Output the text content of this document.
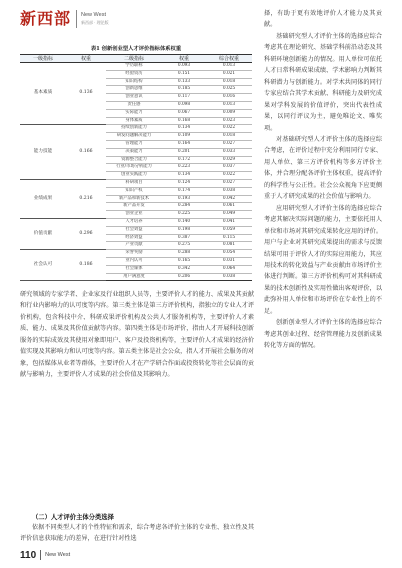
新西部 New West
新西部 · 理论版
表1 创新创业型人才评价指标体系权重
一级指标	权重	二级指标	权重	综合权重
基本素质	0.136	学历职称	0.093	0.013
		经验资历	0.151	0.021
		知识结构	0.133	0.018
		创新思维	0.185	0.025
		创业意识	0.117	0.016
		责任感	0.098	0.013
		实际能力	0.067	0.009
		身体素质	0.168	0.023
能力技能	0.166	持续创新能力	0.134	0.022
		研发问题解决能力	0.109	0.018
		管理能力	0.164	0.027
		决策能力	0.201	0.033
		资源整合能力	0.172	0.029
		行业/市场分析能力	0.223	0.037
		创业实践能力	0.134	0.022
业绩成果	0.216	科研项目	0.124	0.027
		知识产权	0.174	0.038
		新产品和新技术	0.193	0.042
		新产品开发	0.284	0.061
		创业企业	0.225	0.049
价值贡献	0.296	人才培养	0.140	0.041
		社会效益	0.198	0.059
		经济效益	0.387	0.115
		产业贡献	0.275	0.081
社会认可	0.186	荣誉奖励	0.288	0.054
		业内认可	0.165	0.031
		社会媒体	0.342	0.064
		用户满意度	0.206	0.038

研究领域的专家学者、企业家及行业组织人员等，主要评价人才的能力、成果及其贡献和行业内影响力的认可度等内容。第三类主体是第三方评价机构，指独立的专业人才评价机构，包含科技中介、科研成果评价机构及公共人才服务机构等，主要评价人才素质、能力、成果及其价值贡献等内容。第四类主体是市场评价，指由人才开展科技创新服务的实际成效及其使用对象即用户、客户及投资机构等，主要评价人才成果的经济价值实现及其影响力和认可度等内容。第五类主体是社会公众，指人才开展社会服务的对象，包括媒体从业者等群体，主要评价人才在产学研合作面或投资转化等社会层面的贡献与影响力，主要评价人才成果的社会价值及其影响力。

（二）人才评价主体分类选择

依据不同类型人才的个性特征和需求，综合考虑各评价主体的专业性、独立性及其评价信息获取能力的差异，在进行针对性选

择，有助于更有效地评价人才能力及其贡献。

基础研究型人才评价主体的选择应综合考虑其在理论研究、基础学科前沿动态及其科研环境创新能力的情况。用人单位可依托人才日常科研成果成绩、学术影响力判断其科研潜力与创新能力。对学术共同体的同行专家应结合其学术贡献、科研能力及研究成果对学科发展的价值评价，突出代表性成果，以同行评议为主，避免唯论文、唯奖项。

对基础研究型人才评价主体的选择应综合考虑，在评价过程中充分利用同行专家、用人单位、第三方评价机构等多方评价主体，并合理分配各评价主体权重，提高评价的科学性与公正性。社会公众视角下应更侧重于人才研究成果的社会价值与影响力。

应用研究型人才评价主体的选择应综合考虑其解决实际问题的能力，主要依托用人单位和市场对其研究成果转化应用的评价。用户与企业对其研究成果提出的需求与反馈结果可用于评价人才的实际应用能力，其应用技术的转化效益与产业贡献由市场评价主体进行判断。第三方评价机构可对其科研成果的技术创新性及实用性做出客观评价，以此弥补用人单位和市场评价在专业性上的不足。

创新创业型人才评价主体的选择应综合考虑其创业过程、经营管理能力及创新成果转化等方面的情况。

110 New West
